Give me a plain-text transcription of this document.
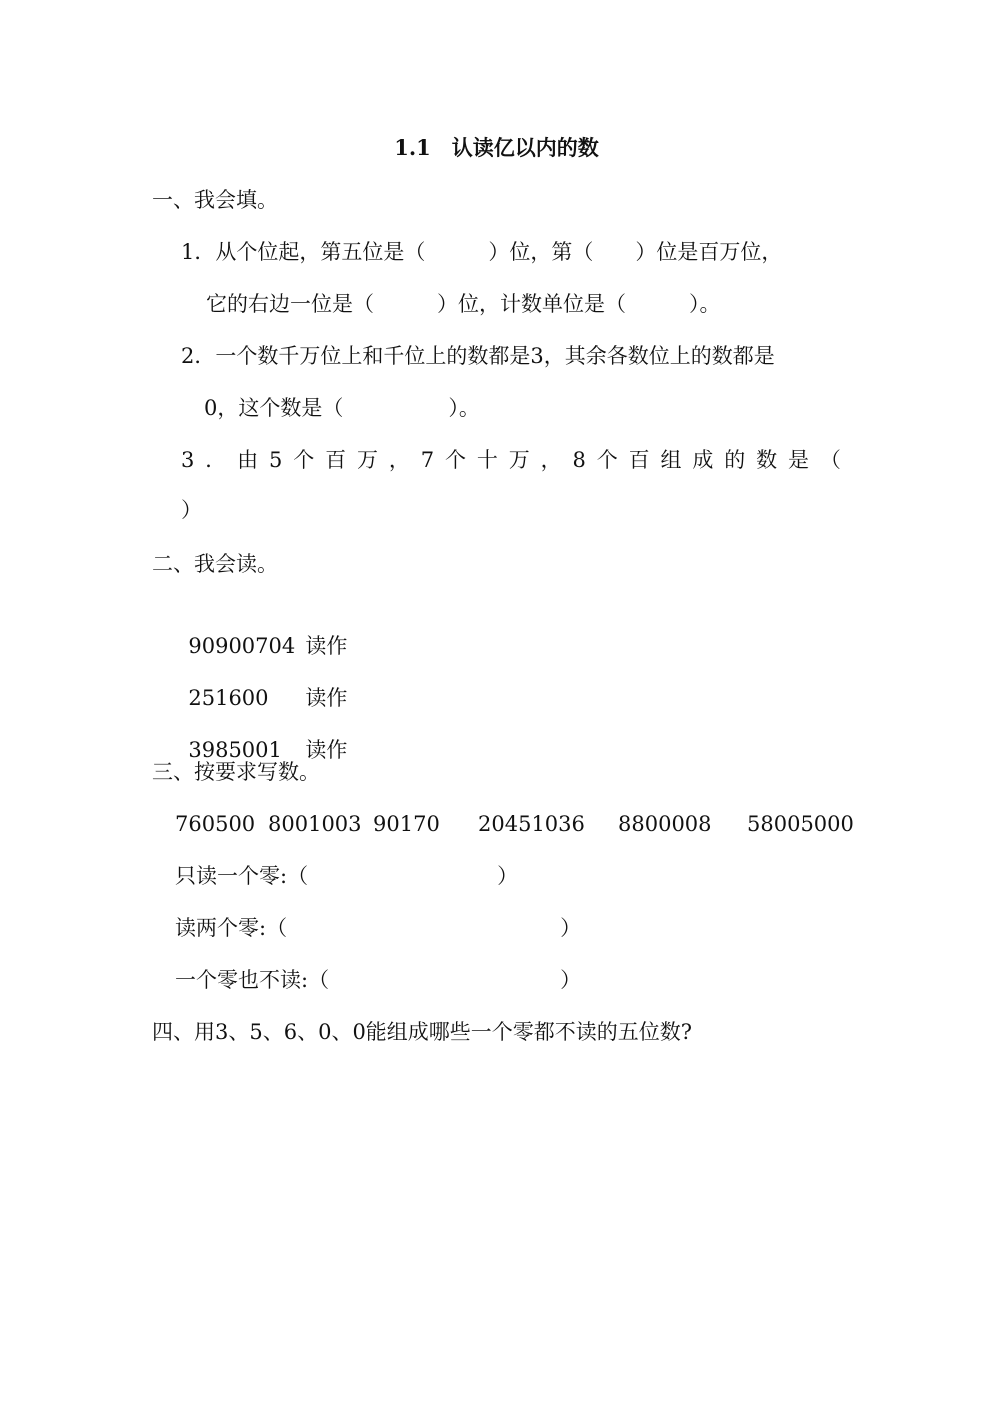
1.1　认读亿以内的数
一、我会填。
1．从个位起，第五位是（　　　）位，第（　　）位是百万位，
它的右边一位是（　　　）位，计数单位是（　　　）。
2．一个数千万位上和千位上的数都是3，其余各数位上的数都是
0，这个数是（　　　　　）。
3 ． 由 5 个 百 万 ， 7 个 十 万 ， 8 个 百 组 成 的 数 是 （
）
二、我会读。

90900704 读作

251600 读作

3985001 读作

三、按要求写数。

760500

8001003

90170

20451036

8800008

58005000

只读一个零:（　　　　　　　　　）
读两个零:（　　　　　　　　　　　　　）
一个零也不读:（　　　　　　　　　　　）
四、用3、5、6、0、0能组成哪些一个零都不读的五位数?
